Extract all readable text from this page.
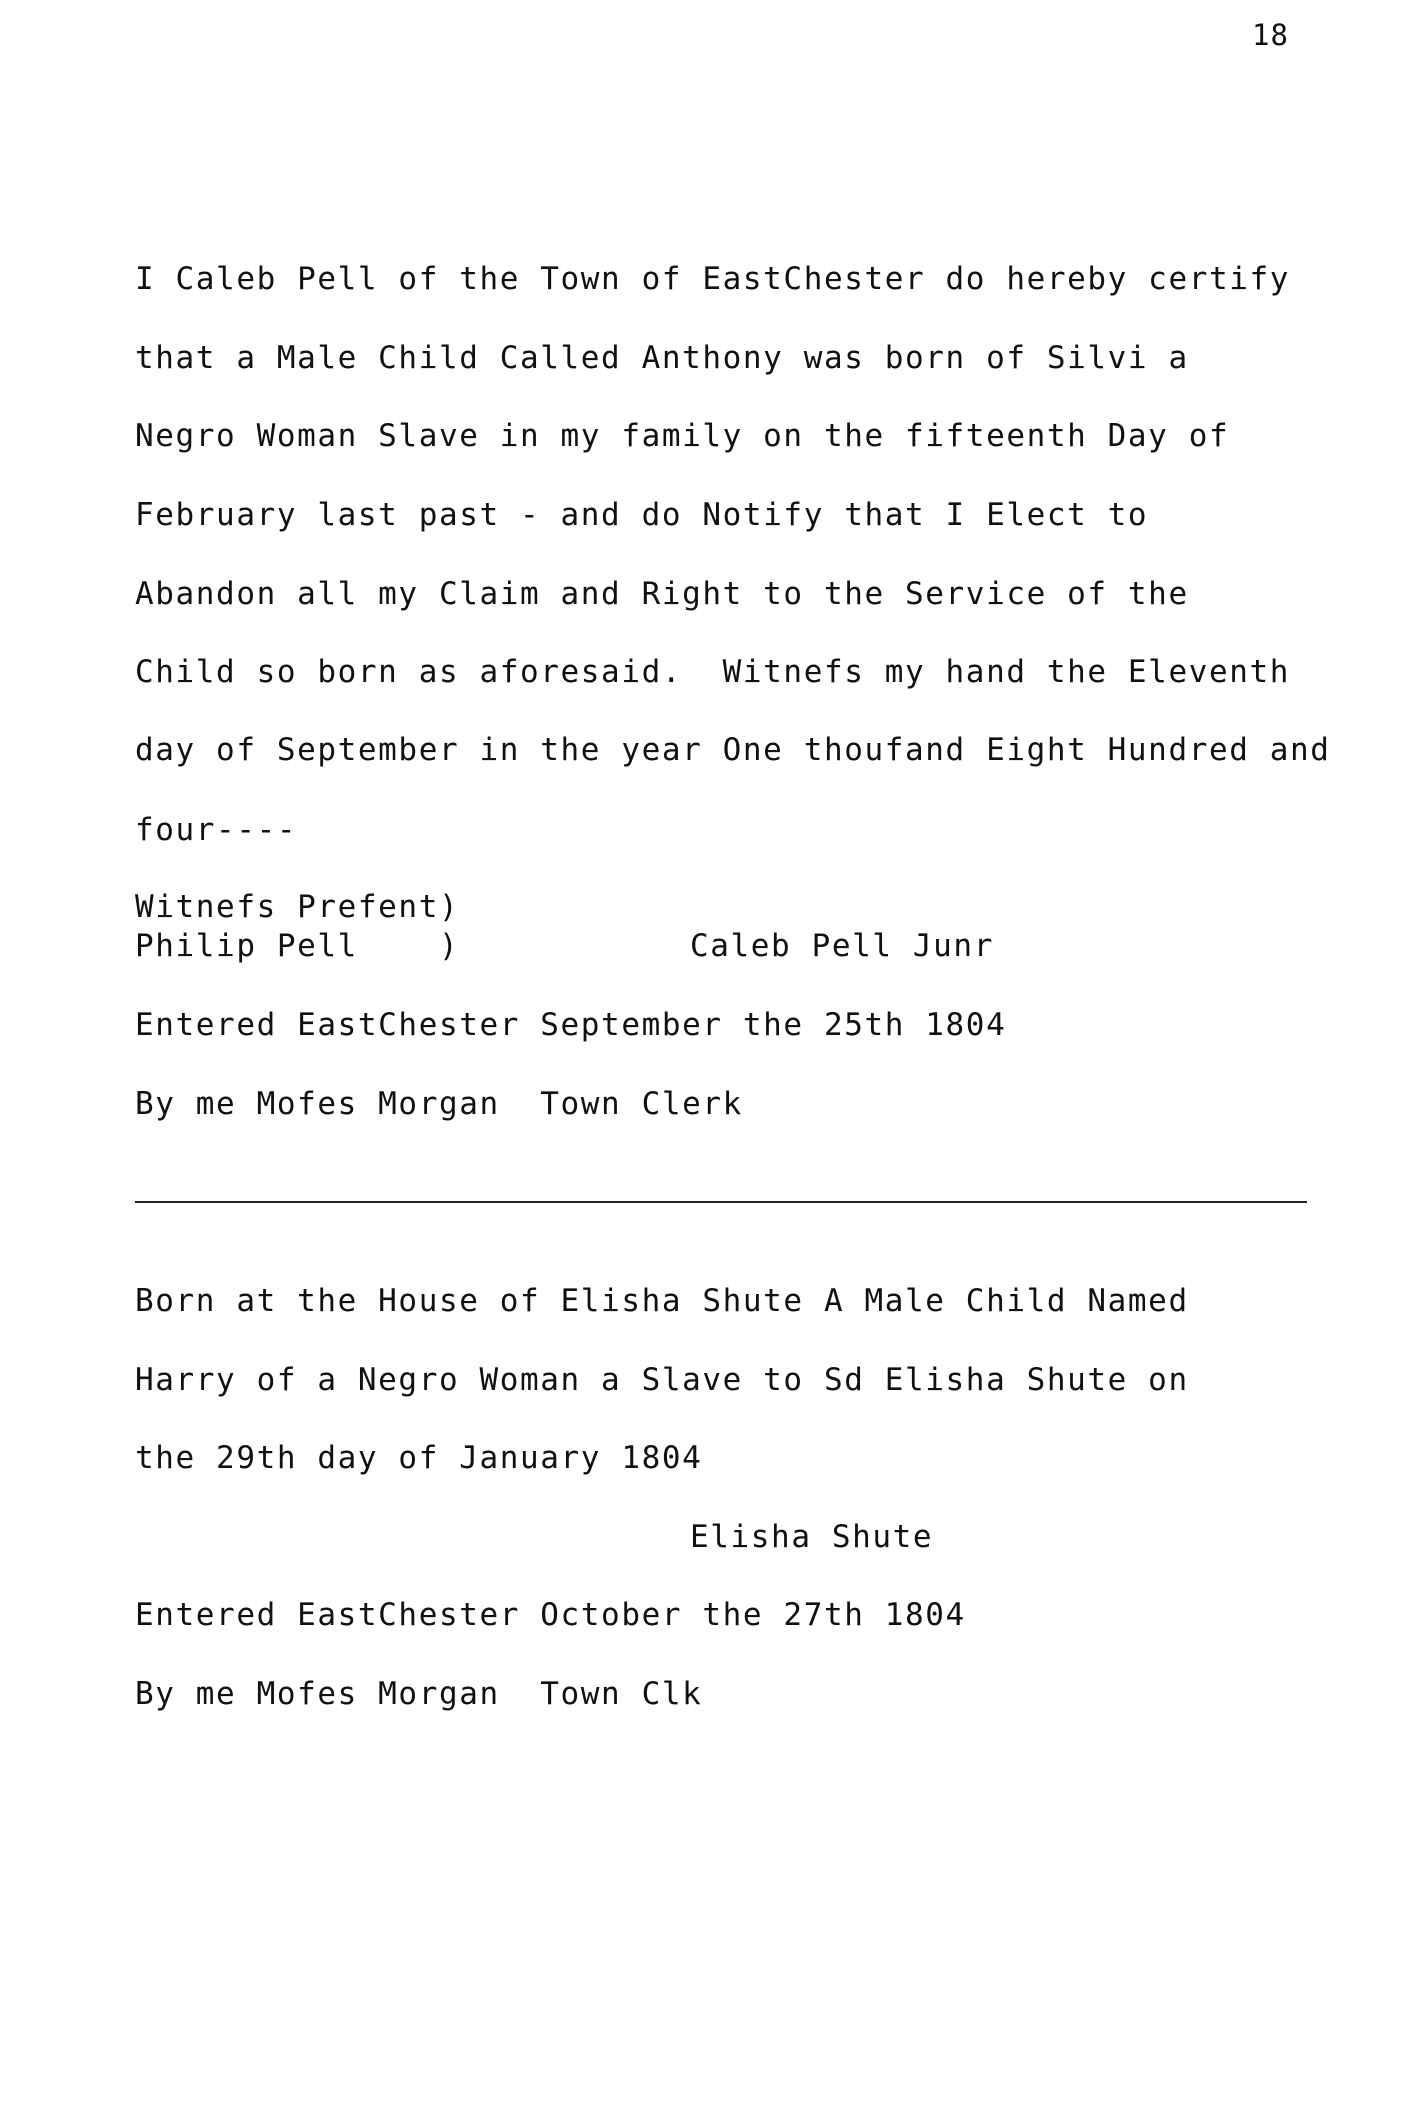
18
I Caleb Pell of the Town of EastChester do hereby certify
that a Male Child Called Anthony was born of Silvi a
Negro Woman Slave in my family on the fifteenth Day of
February last past - and do Notify that I Elect to
Abandon all my Claim and Right to the Service of the
Child so born as aforesaid.  Witnefs my hand the Eleventh
day of September in the year One thoufand Eight Hundred and
four----
Witnefs Prefent)
Philip Pell    )	Caleb Pell Junr
Entered EastChester September the 25th 1804
By me Mofes Morgan  Town Clerk
Born at the House of Elisha Shute A Male Child Named
Harry of a Negro Woman a Slave to Sd Elisha Shute on
the 29th day of January 1804
Elisha Shute
Entered EastChester October the 27th 1804
By me Mofes Morgan  Town Clk
